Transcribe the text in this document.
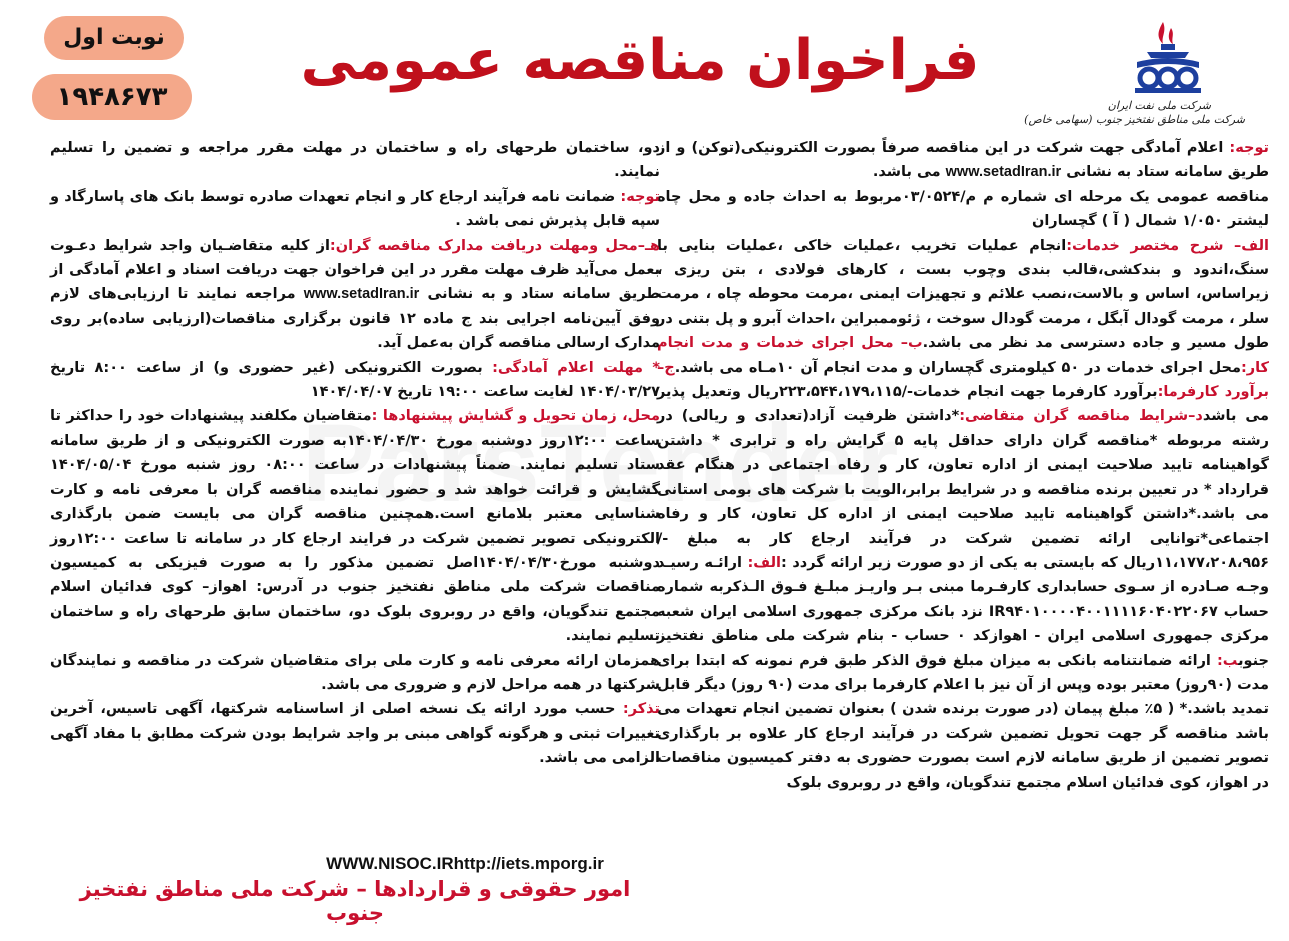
شرکت ملی نفت ایران
شرکت ملی مناطق نفتخیز جنوب (سهامی خاص)
فراخوان مناقصه عمومی
نوبت اول
۱۹۴۸۶۷۳

توجه: اعلام آمادگی جهت شرکت در این مناقصه صرفاً بصورت الکترونیکی(توکن) و از طریق سامانه ستاد به نشانی www.setadIran.ir می باشد.

مناقصه عمومی یک مرحله ای شماره م م/۰۳/۰۵۲۴مربوط به احداث جاده و محل چاه لیشتر ۱/۰۵۰ شمال ( آ ) گچساران

الف– شرح مختصر خدمات:انجام عملیات تخریب ،عملیات خاکی ،عملیات بنایی با سنگ،اندود و بندکشی،قالب بندی وچوب بست ، کارهای فولادی ، بتن ریزی ، زیراساس، اساس و بالاست،نصب علائم و تجهیزات ایمنی ،مرمت محوطه چاه ، مرمت سلر ، مرمت گودال آبگل ، مرمت گودال سوخت ، ژئوممبراین ،احداث آبرو و پل بتنی در طول مسیر و جاده دسترسی مد نظر می باشد.ب– محل اجرای خدمات و مدت انجام کار:محل اجرای خدمات در ۵۰ کیلومتری گچساران و مدت انجام آن ۱۰مـاه می باشد.ج–برآورد کارفرما:برآورد کارفرما جهت انجام خدمات-/۲۲۳،۵۴۴،۱۷۹،۱۱۵ریال وتعدیل پذیر می باشدد–شرایط مناقصه گران متقاضی:*داشتن ظرفیت آزاد(تعدادی و ریالی) در رشته مربوطه *مناقصه گران دارای حداقل پایه ۵ گرایش راه و ترابری * داشتن گواهینامه تایید صلاحیت ایمنی از اداره تعاون، کار و رفاه اجتماعی در هنگام عقد قرارداد * در تعیین برنده مناقصه و در شرایط برابر،الویت با شرکت های بومی استانی می باشد.*داشتن گواهینامه تایید صلاحیت ایمنی از اداره کل تعاون، کار و رفاه اجتماعی*توانایی ارائه تضمین شرکت در فرآیند ارجاع کار به مبلغ -/۱۱،۱۷۷،۲۰۸،۹۵۶ریال که بایستی به یکی از دو صورت زیر ارائه گردد :الف: ارائـه رسیـد وجـه صـادره از سـوی حسابداری کارفـرما مبنی بـر واریـز مبلـغ فـوق الـذکربه شماره حساب IR۹۴۰۱۰۰۰۰۴۰۰۱۱۱۱۶۰۴۰۲۲۰۶۷ نزد بانک مرکزی جمهوری اسلامی ایران شعبه مرکزی جمهوری اسلامی ایران - اهوازکد ۰ حساب - بنام شرکت ملی مناطق نفتخیز جنوبب: ارائه ضمانتنامه بانکی به میزان مبلغ فوق الذکر طبق فرم نمونه که ابتدا برای مدت (۹۰روز) معتبر بوده وپس از آن نیز با اعلام کارفرما برای مدت (۹۰ روز) دیگر قابل تمدید باشد.* ( ۵٪ مبلغ پیمان (در صورت برنده شدن ) بعنوان تضمین انجام تعهدات می باشد مناقصه گر جهت تحویل تضمین شرکت در فرآیند ارجاع کار علاوه بر بارگذاری تصویر تضمین از طریق سامانه لازم است بصورت حضوری به دفتر کمیسیون مناقصات در اهواز، کوی فدائیان اسلام مجتمع تندگویان، واقع در روبروی بلوک

دو، ساختمان طرحهای راه و ساختمان در مهلت مقرر مراجعه و تضمین را تسلیم نمایند.

توجه: ضمانت نامه فرآیند ارجاع کار و انجام تعهدات صادره توسط بانک های پاسارگاد و سپه قابل پذیرش نمی باشد .

هـ–محل ومهلت دریافت مدارک مناقصه گران:از کلیه متقاضـیان واجد شرایط دعـوت بعمل می‌آید ظرف مهلت مقرر در این فراخوان جهت دریافت اسناد و اعلام آمادگی از طریق سامانه ستاد و به نشانی www.setadIran.ir مراجعه نمایند تا ارزیابی‌های لازم وفق آیین‌نامه اجرایی بند ج ماده ۱۲ قانون برگزاری مناقصات(ارزیابی ساده)بر روی مدارک ارسالی مناقصه گران به‌عمل آید.

* مهلت اعلام آمادگی: بصورت الکترونیکی (غیر حضوری و) از ساعت ۸:۰۰ تاریخ ۱۴۰۴/۰۳/۲۷ لغایت ساعت ۱۹:۰۰ تاریخ ۱۴۰۴/۰۴/۰۷

محل، زمان تحویل و گشایش پیشنهادها :متقاضیان مکلفند پیشنهادات خود را حداکثر تا ساعت ۱۲:۰۰روز دوشنبه مورخ ۱۴۰۴/۰۴/۳۰به صورت الکترونیکی و از طریق سامانه ستاد تسلیم نمایند. ضمناً پیشنهادات در ساعت ۰۸:۰۰ روز شنبه مورخ ۱۴۰۴/۰۵/۰۴ گشایش و قرائت خواهد شد و حضور نماینده مناقصه گران با معرفی نامه و کارت شناسایی معتبر بلامانع است.همچنین مناقصه گران می بایست ضمن بارگذاری الکترونیکی تصویر تضمین شرکت در فرایند ارجاع کار در سامانه تا ساعت ۱۲:۰۰روز دوشنبه مورخ۱۴۰۴/۰۴/۳۰اصل تضمین مذکور را به صورت فیزیکی به کمیسیون مناقصات شرکت ملی مناطق نفتخیز جنوب در آدرس: اهواز– کوی فدائیان اسلام مجتمع تندگویان، واقع در روبروی بلوک دو، ساختمان سابق طرحهای راه و ساختمان تسلیم نمایند.

همزمان ارائه معرفی نامه و کارت ملی برای متقاضیان شرکت در مناقصه و نمایندگان شرکتها در همه مراحل لازم و ضروری می باشد.

تذکر: حسب مورد ارائه یک نسخه اصلی از اساسنامه شرکتها، آگهی تاسیس، آخرین تغییرات ثبتی و هرگونه گواهی مبنی بر واجد شرایط بودن شرکت مطابق با مفاد آگهی الزامی می باشد.

WWW.NISOC.IRhttp://iets.mporg.ir
امور حقوقی و قراردادها – شرکت ملی مناطق نفتخیز جنوب
